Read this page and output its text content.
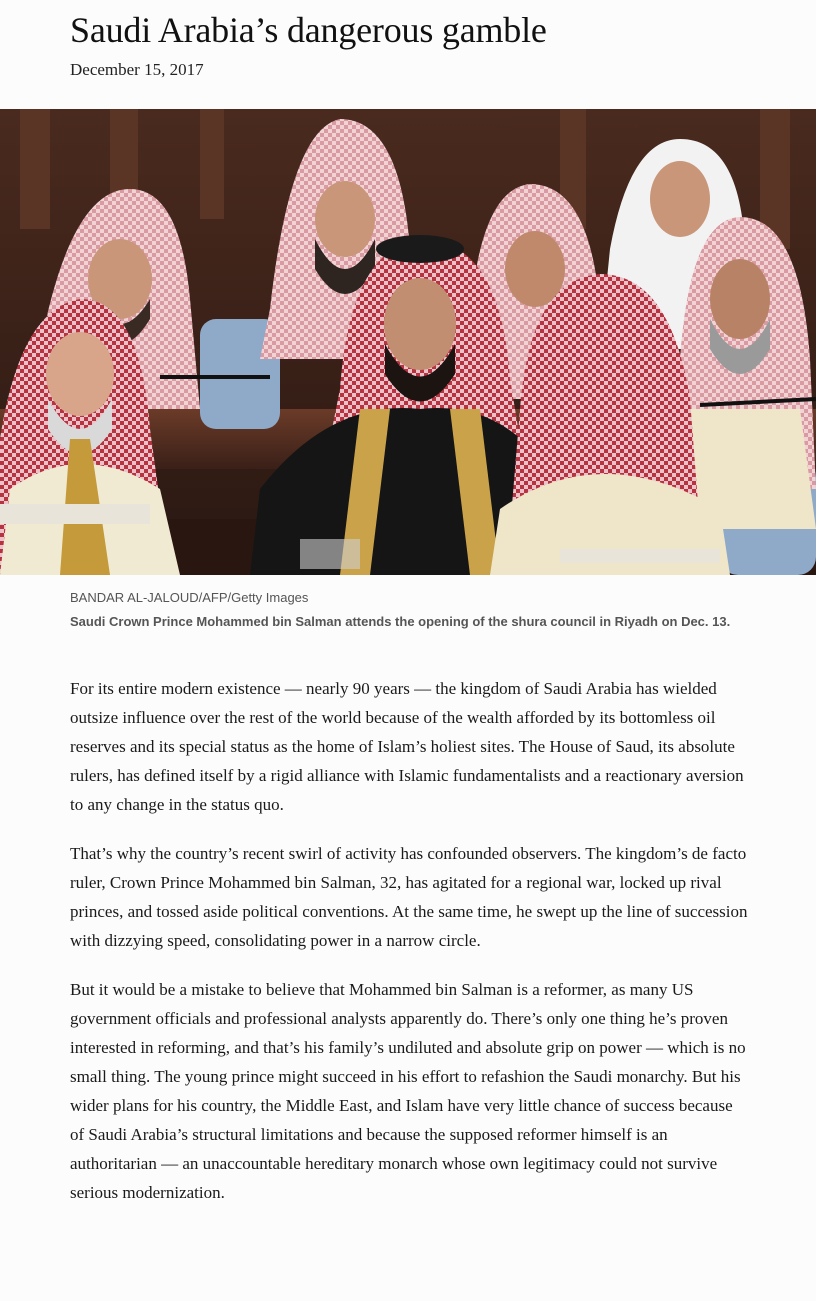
Saudi Arabia’s dangerous gamble
December 15, 2017
BANDAR AL-JALOUD/AFP/Getty Images
Saudi Crown Prince Mohammed bin Salman attends the opening of the shura council in Riyadh on Dec. 13.

For its entire modern existence — nearly 90 years — the kingdom of Saudi Arabia has wielded outsize influence over the rest of the world because of the wealth afforded by its bottomless oil reserves and its special status as the home of Islam’s holiest sites. The House of Saud, its absolute rulers, has defined itself by a rigid alliance with Islamic fundamentalists and a reactionary aversion to any change in the status quo.

That’s why the country’s recent swirl of activity has confounded observers. The kingdom’s de facto ruler, Crown Prince Mohammed bin Salman, 32, has agitated for a regional war, locked up rival princes, and tossed aside political conventions. At the same time, he swept up the line of succession with dizzying speed, consolidating power in a narrow circle.

But it would be a mistake to believe that Mohammed bin Salman is a reformer, as many US government officials and professional analysts apparently do. There’s only one thing he’s proven interested in reforming, and that’s his family’s undiluted and absolute grip on power — which is no small thing. The young prince might succeed in his effort to refashion the Saudi monarchy. But his wider plans for his country, the Middle East, and Islam have very little chance of success because of Saudi Arabia’s structural limitations and because the supposed reformer himself is an authoritarian — an unaccountable hereditary monarch whose own legitimacy could not survive serious modernization.
